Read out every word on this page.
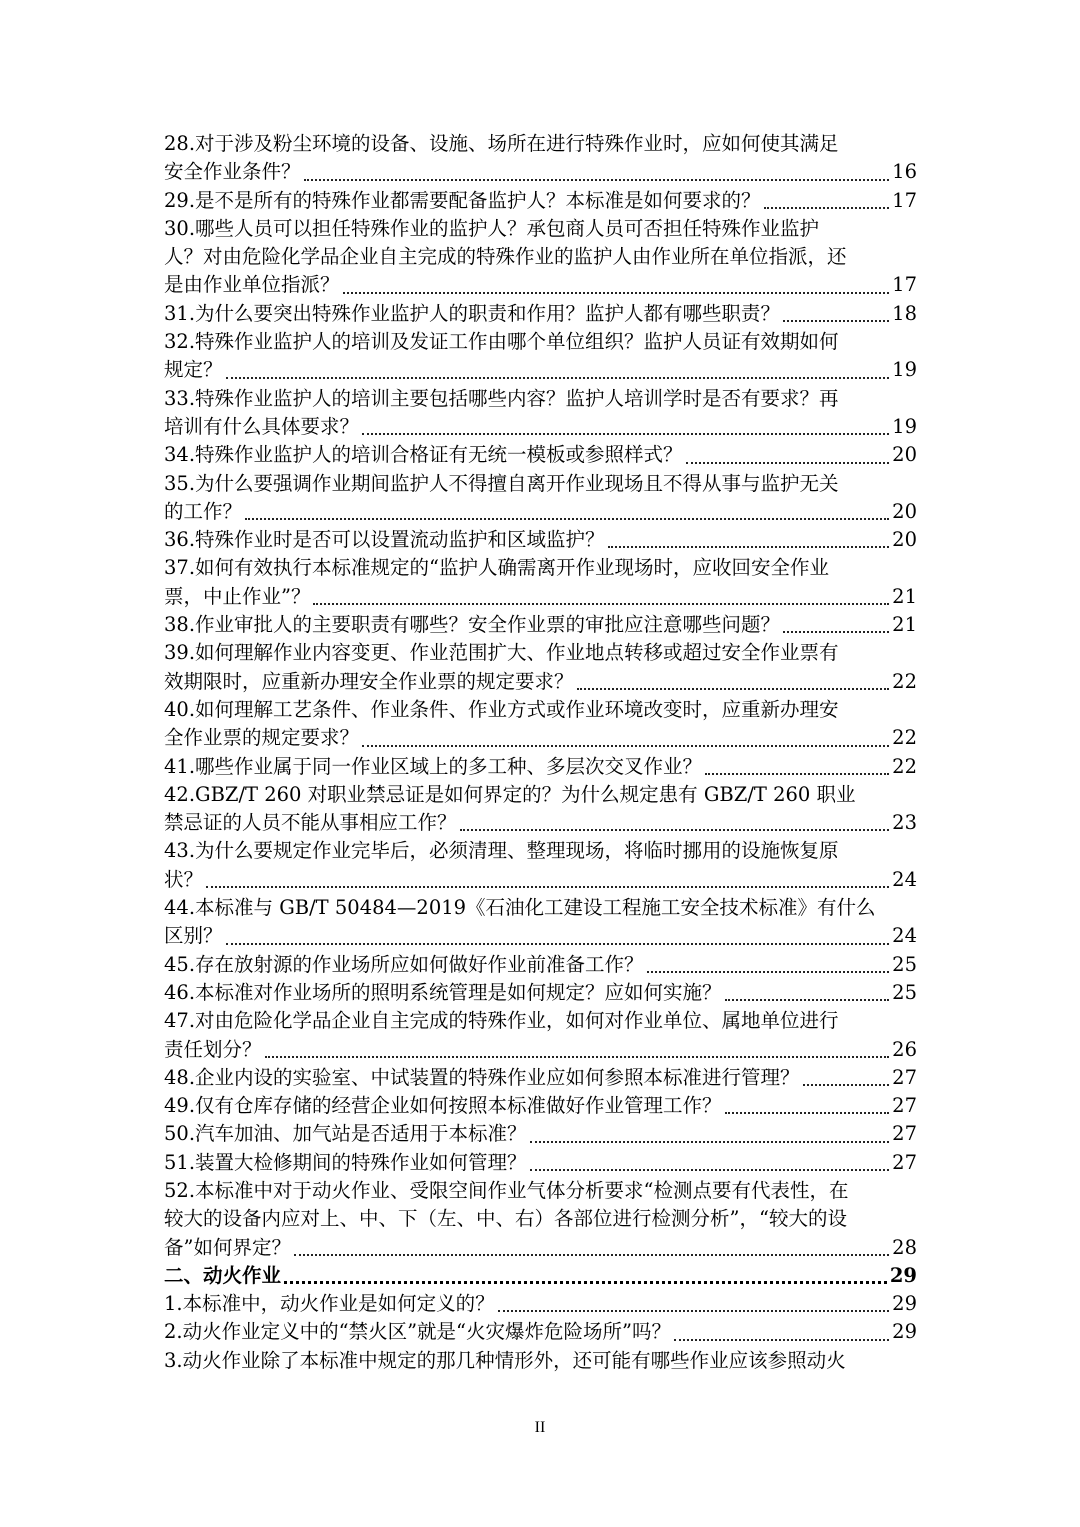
28.对于涉及粉尘环境的设备、设施、场所在进行特殊作业时，应如何使其满足
安全作业条件？	16
29.是不是所有的特殊作业都需要配备监护人？本标准是如何要求的？	17
30.哪些人员可以担任特殊作业的监护人？承包商人员可否担任特殊作业监护
人？对由危险化学品企业自主完成的特殊作业的监护人由作业所在单位指派，还
是由作业单位指派？	17
31.为什么要突出特殊作业监护人的职责和作用？监护人都有哪些职责？	18
32.特殊作业监护人的培训及发证工作由哪个单位组织？监护人员证有效期如何
规定？	19
33.特殊作业监护人的培训主要包括哪些内容？监护人培训学时是否有要求？再
培训有什么具体要求？	19
34.特殊作业监护人的培训合格证有无统一模板或参照样式？	20
35.为什么要强调作业期间监护人不得擅自离开作业现场且不得从事与监护无关
的工作？	20
36.特殊作业时是否可以设置流动监护和区域监护？	20
37.如何有效执行本标准规定的“监护人确需离开作业现场时，应收回安全作业
票，中止作业”？	21
38.作业审批人的主要职责有哪些？安全作业票的审批应注意哪些问题？	21
39.如何理解作业内容变更、作业范围扩大、作业地点转移或超过安全作业票有
效期限时，应重新办理安全作业票的规定要求？	22
40.如何理解工艺条件、作业条件、作业方式或作业环境改变时，应重新办理安
全作业票的规定要求？	22
41.哪些作业属于同一作业区域上的多工种、多层次交叉作业？	22
42.GBZ/T 260 对职业禁忌证是如何界定的？为什么规定患有 GBZ/T 260 职业
禁忌证的人员不能从事相应工作？	23
43.为什么要规定作业完毕后，必须清理、整理现场，将临时挪用的设施恢复原
状？	24
44.本标准与 GB/T 50484—2019《石油化工建设工程施工安全技术标准》有什么
区别？	24
45.存在放射源的作业场所应如何做好作业前准备工作？	25
46.本标准对作业场所的照明系统管理是如何规定？应如何实施？	25
47.对由危险化学品企业自主完成的特殊作业，如何对作业单位、属地单位进行
责任划分？	26
48.企业内设的实验室、中试装置的特殊作业应如何参照本标准进行管理？	27
49.仅有仓库存储的经营企业如何按照本标准做好作业管理工作？	27
50.汽车加油、加气站是否适用于本标准？	27
51.装置大检修期间的特殊作业如何管理？	27
52.本标准中对于动火作业、受限空间作业气体分析要求“检测点要有代表性，在
较大的设备内应对上、中、下（左、中、右）各部位进行检测分析”，“较大的设
备”如何界定？	28
二、动火作业	29
1.本标准中，动火作业是如何定义的？	29
2.动火作业定义中的“禁火区”就是“火灾爆炸危险场所”吗？	29
3.动火作业除了本标准中规定的那几种情形外，还可能有哪些作业应该参照动火
II
